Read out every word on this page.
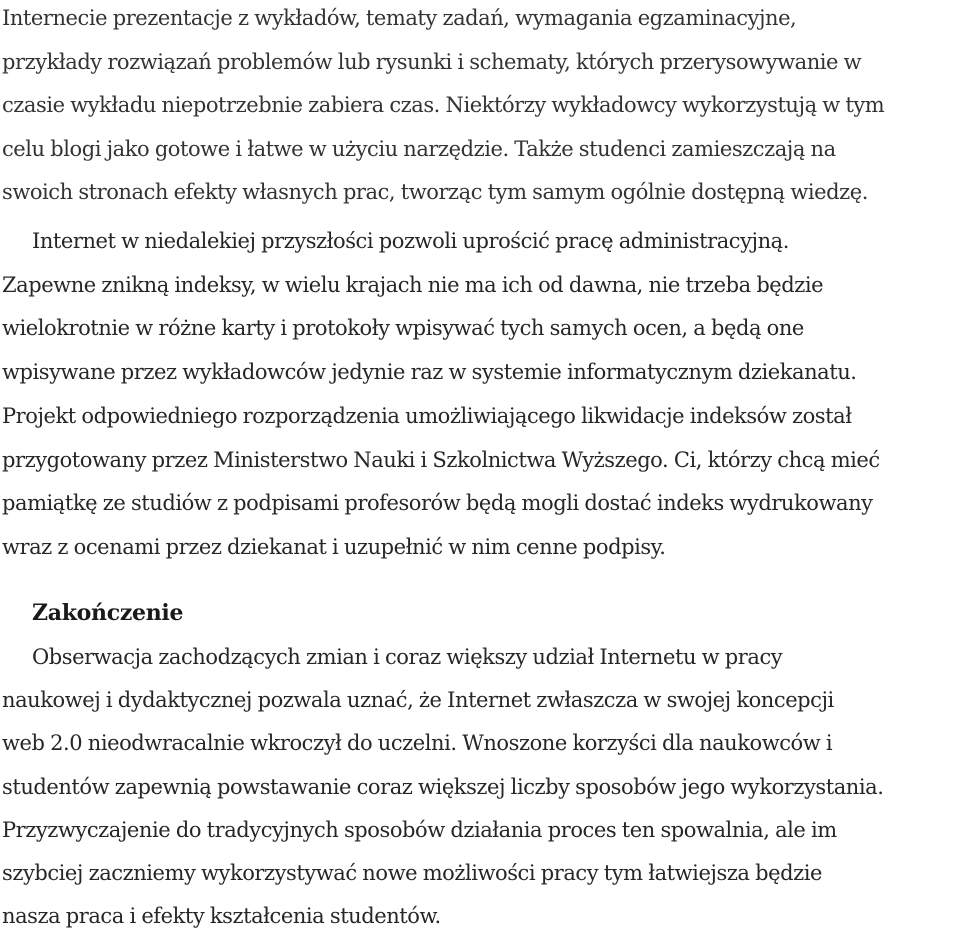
Internecie prezentacje z wykładów, tematy zadań, wymagania egzaminacyjne,
przykłady rozwiązań problemów lub rysunki i schematy, których przerysowywanie w
czasie wykładu niepotrzebnie zabiera czas. Niektórzy wykładowcy wykorzystują w tym
celu blogi jako gotowe i łatwe w użyciu narzędzie. Także studenci zamieszczają na
swoich stronach efekty własnych prac, tworząc tym samym ogólnie dostępną wiedzę.

Internet w niedalekiej przyszłości pozwoli uprościć pracę administracyjną.
Zapewne znikną indeksy, w wielu krajach nie ma ich od dawna, nie trzeba będzie
wielokrotnie w różne karty i protokoły wpisywać tych samych ocen, a będą one
wpisywane przez wykładowców jedynie raz w systemie informatycznym dziekanatu.
Projekt odpowiedniego rozporządzenia umożliwiającego likwidacje indeksów został
przygotowany przez Ministerstwo Nauki i Szkolnictwa Wyższego. Ci, którzy chcą mieć
pamiątkę ze studiów z podpisami profesorów będą mogli dostać indeks wydrukowany
wraz z ocenami przez dziekanat i uzupełnić w nim cenne podpisy.

Zakończenie

Obserwacja zachodzących zmian i coraz większy udział Internetu w pracy
naukowej i dydaktycznej pozwala uznać, że Internet zwłaszcza w swojej koncepcji
web 2.0 nieodwracalnie wkroczył do uczelni. Wnoszone korzyści dla naukowców i
studentów zapewnią powstawanie coraz większej liczby sposobów jego wykorzystania.
Przyzwyczajenie do tradycyjnych sposobów działania proces ten spowalnia, ale im
szybciej zaczniemy wykorzystywać nowe możliwości pracy tym łatwiejsza będzie
nasza praca i efekty kształcenia studentów.
